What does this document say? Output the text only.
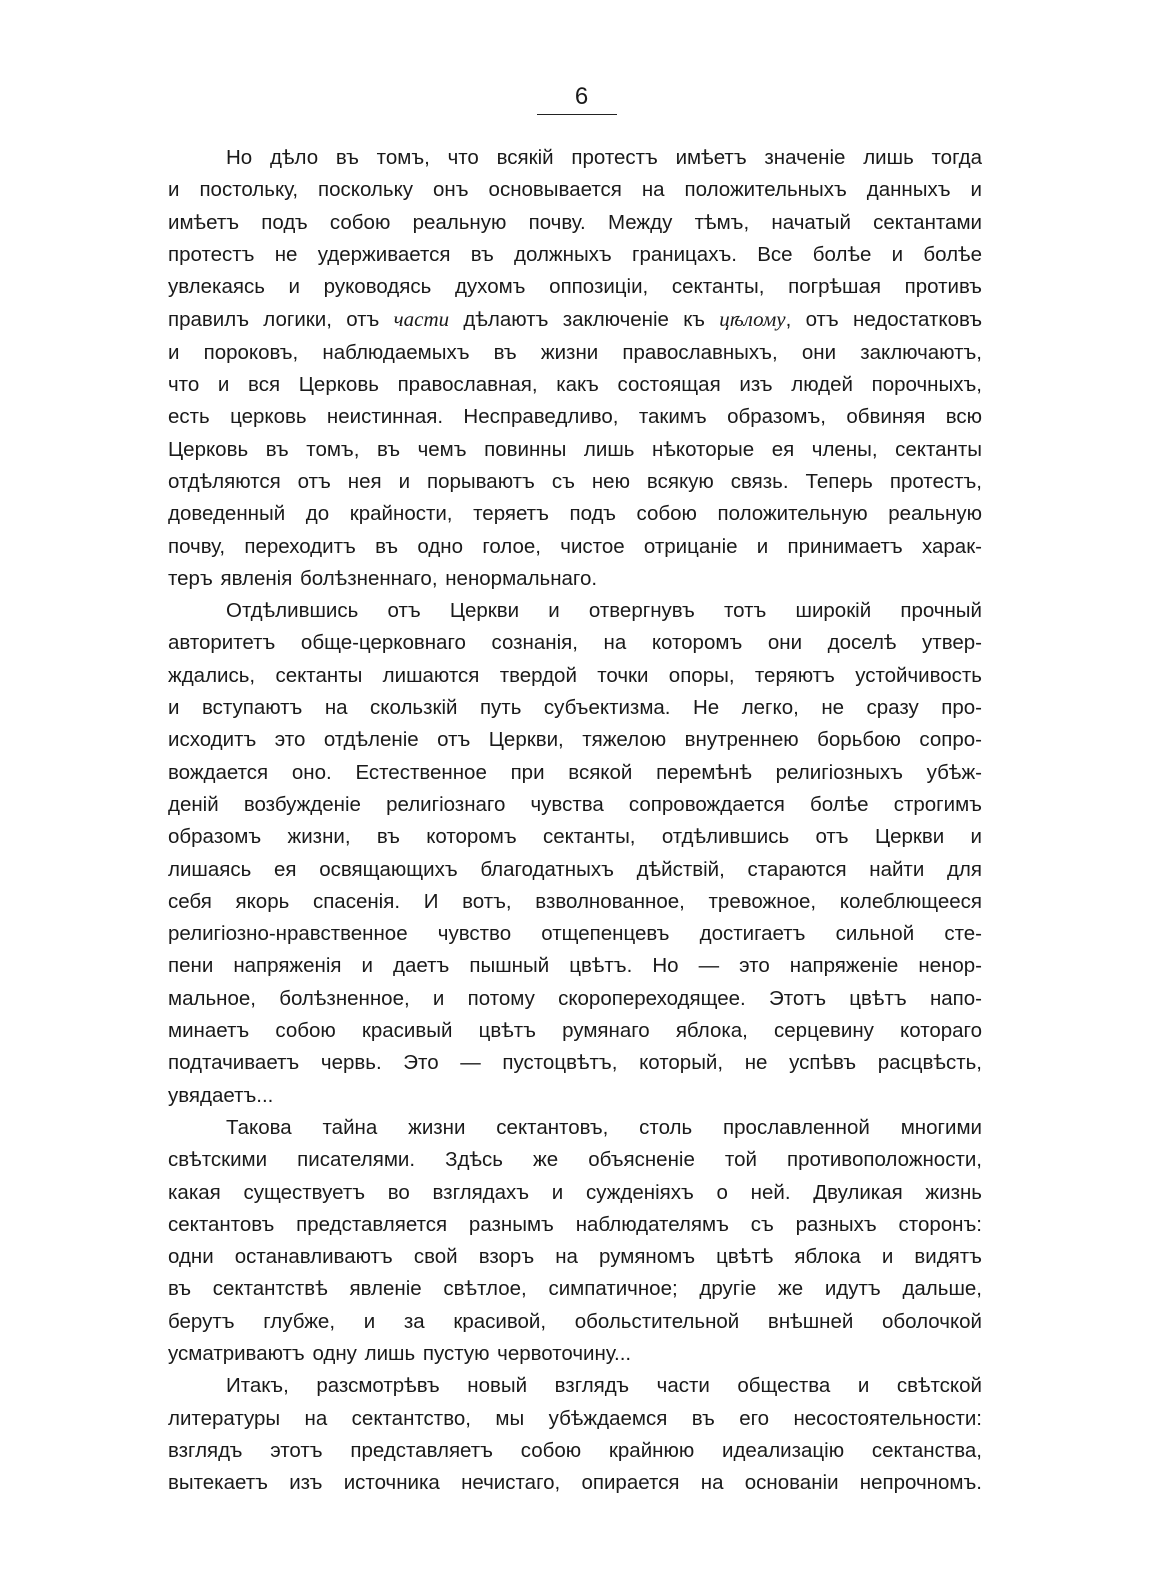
6
Но дѣло въ томъ, что всякій протестъ имѣетъ значеніе лишь тогда
и постольку, поскольку онъ основывается на положительныхъ данныхъ и
имѣетъ подъ собою реальную почву. Между тѣмъ, начатый сектантами
протестъ не удерживается въ должныхъ границахъ. Все болѣе и болѣе
увлекаясь и руководясь духомъ оппозиціи, сектанты, погрѣшая противъ
правилъ логики, отъ части дѣлаютъ заключеніе къ цѣлому, отъ недостатковъ
и пороковъ, наблюдаемыхъ въ жизни православныхъ, они заключаютъ,
что и вся Церковь православная, какъ состоящая изъ людей порочныхъ,
есть церковь неистинная. Несправедливо, такимъ образомъ, обвиняя всю
Церковь въ томъ, въ чемъ повинны лишь нѣкоторые ея члены, сектанты
отдѣляются отъ нея и порываютъ съ нею всякую связь. Теперь протестъ,
доведенный до крайности, теряетъ подъ собою положительную реальную
почву, переходитъ въ одно голое, чистое отрицаніе и принимаетъ харак-
теръ явленія болѣзненнаго, ненормальнаго.
Отдѣлившись отъ Церкви и отвергнувъ тотъ широкій прочный
авторитетъ обще-церковнаго сознанія, на которомъ они доселѣ утвер-
ждались, сектанты лишаются твердой точки опоры, теряютъ устойчивость
и вступаютъ на скользкій путь субъектизма. Не легко, не сразу про-
исходитъ это отдѣленіе отъ Церкви, тяжелою внутреннею борьбою сопро-
вождается оно. Естественное при всякой перемѣнѣ религіозныхъ убѣж-
деній возбужденіе религіознаго чувства сопровождается болѣе строгимъ
образомъ жизни, въ которомъ сектанты, отдѣлившись отъ Церкви и
лишаясь ея освящающихъ благодатныхъ дѣйствій, стараются найти для
себя якорь спасенія. И вотъ, взволнованное, тревожное, колеблющееся
религіозно-нравственное чувство отщепенцевъ достигаетъ сильной сте-
пени напряженія и даетъ пышный цвѣтъ. Но — это напряженіе ненор-
мальное, болѣзненное, и потому скоропереходящее. Этотъ цвѣтъ напо-
минаетъ собою красивый цвѣтъ румянаго яблока, серцевину котораго
подтачиваетъ червь. Это — пустоцвѣтъ, который, не успѣвъ расцвѣсть,
увядаетъ...
Такова тайна жизни сектантовъ, столь прославленной многими
свѣтскими писателями. Здѣсь же объясненіе той противоположности,
какая существуетъ во взглядахъ и сужденіяхъ о ней. Двуликая жизнь
сектантовъ представляется разнымъ наблюдателямъ съ разныхъ сторонъ:
одни останавливаютъ свой взоръ на румяномъ цвѣтѣ яблока и видятъ
въ сектантствѣ явленіе свѣтлое, симпатичное; другіе же идутъ дальше,
берутъ глубже, и за красивой, обольстительной внѣшней оболочкой
усматриваютъ одну лишь пустую червоточину...
Итакъ, разсмотрѣвъ новый взглядъ части общества и свѣтской
литературы на сектантство, мы убѣждаемся въ его несостоятельности:
взглядъ этотъ представляетъ собою крайнюю идеализацію сектанства,
вытекаетъ изъ источника нечистаго, опирается на основаніи непрочномъ.
